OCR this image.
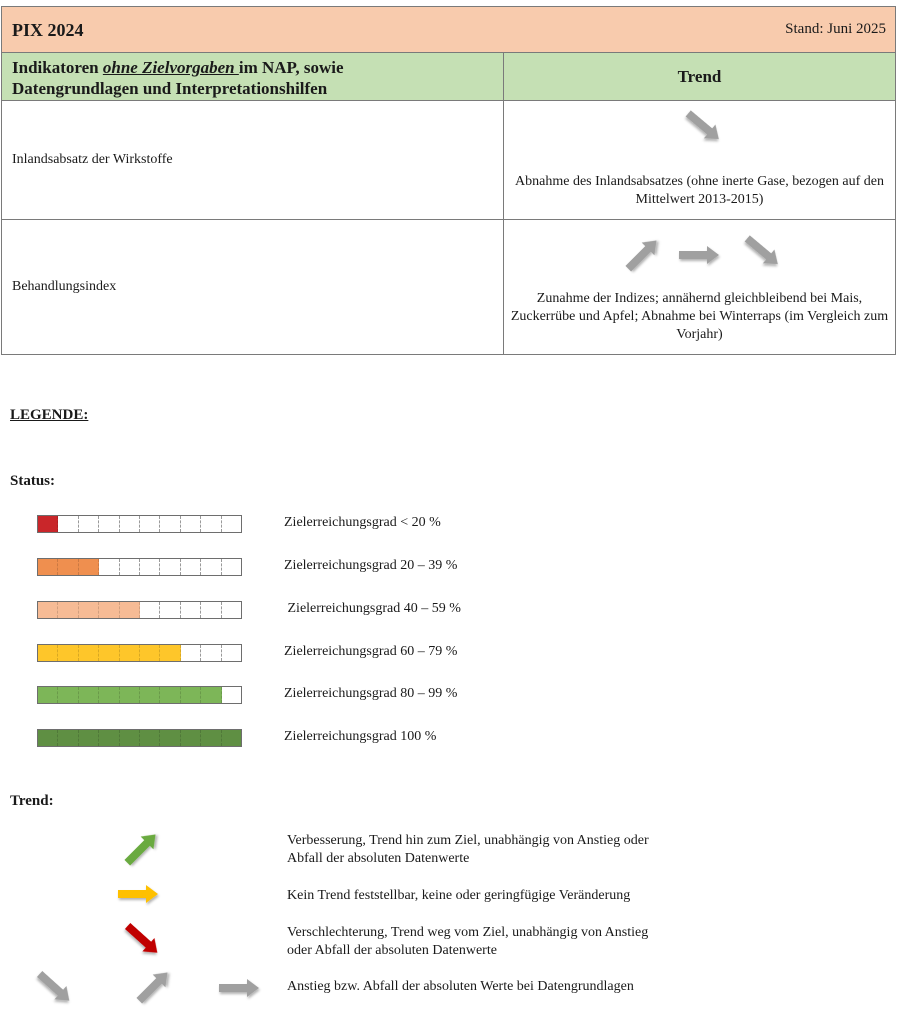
PIX 2024	Stand: Juni 2025
Indikatoren ohne Zielvorgaben im NAP, sowie
Datengrundlagen und Interpretationshilfen
Trend
Inlandsabsatz der Wirkstoffe
Abnahme des Inlandsabsatzes (ohne inerte Gase, bezogen auf den Mittelwert 2013-2015)
Behandlungsindex
Zunahme der Indizes; annähernd gleichbleibend bei Mais, Zuckerrübe und Apfel; Abnahme bei Winterraps (im Vergleich zum Vorjahr)
LEGENDE:
Status:
Zielerreichungsgrad < 20 %
Zielerreichungsgrad 20 – 39 %
Zielerreichungsgrad 40 – 59 %
Zielerreichungsgrad 60 – 79 %
Zielerreichungsgrad 80 – 99 %
Zielerreichungsgrad 100 %
Trend:
Verbesserung, Trend hin zum Ziel, unabhängig von Anstieg oder
Abfall der absoluten Datenwerte
Kein Trend feststellbar, keine oder geringfügige Veränderung
Verschlechterung, Trend weg vom Ziel, unabhängig von Anstieg
oder Abfall der absoluten Datenwerte
Anstieg bzw. Abfall der absoluten Werte bei Datengrundlagen
